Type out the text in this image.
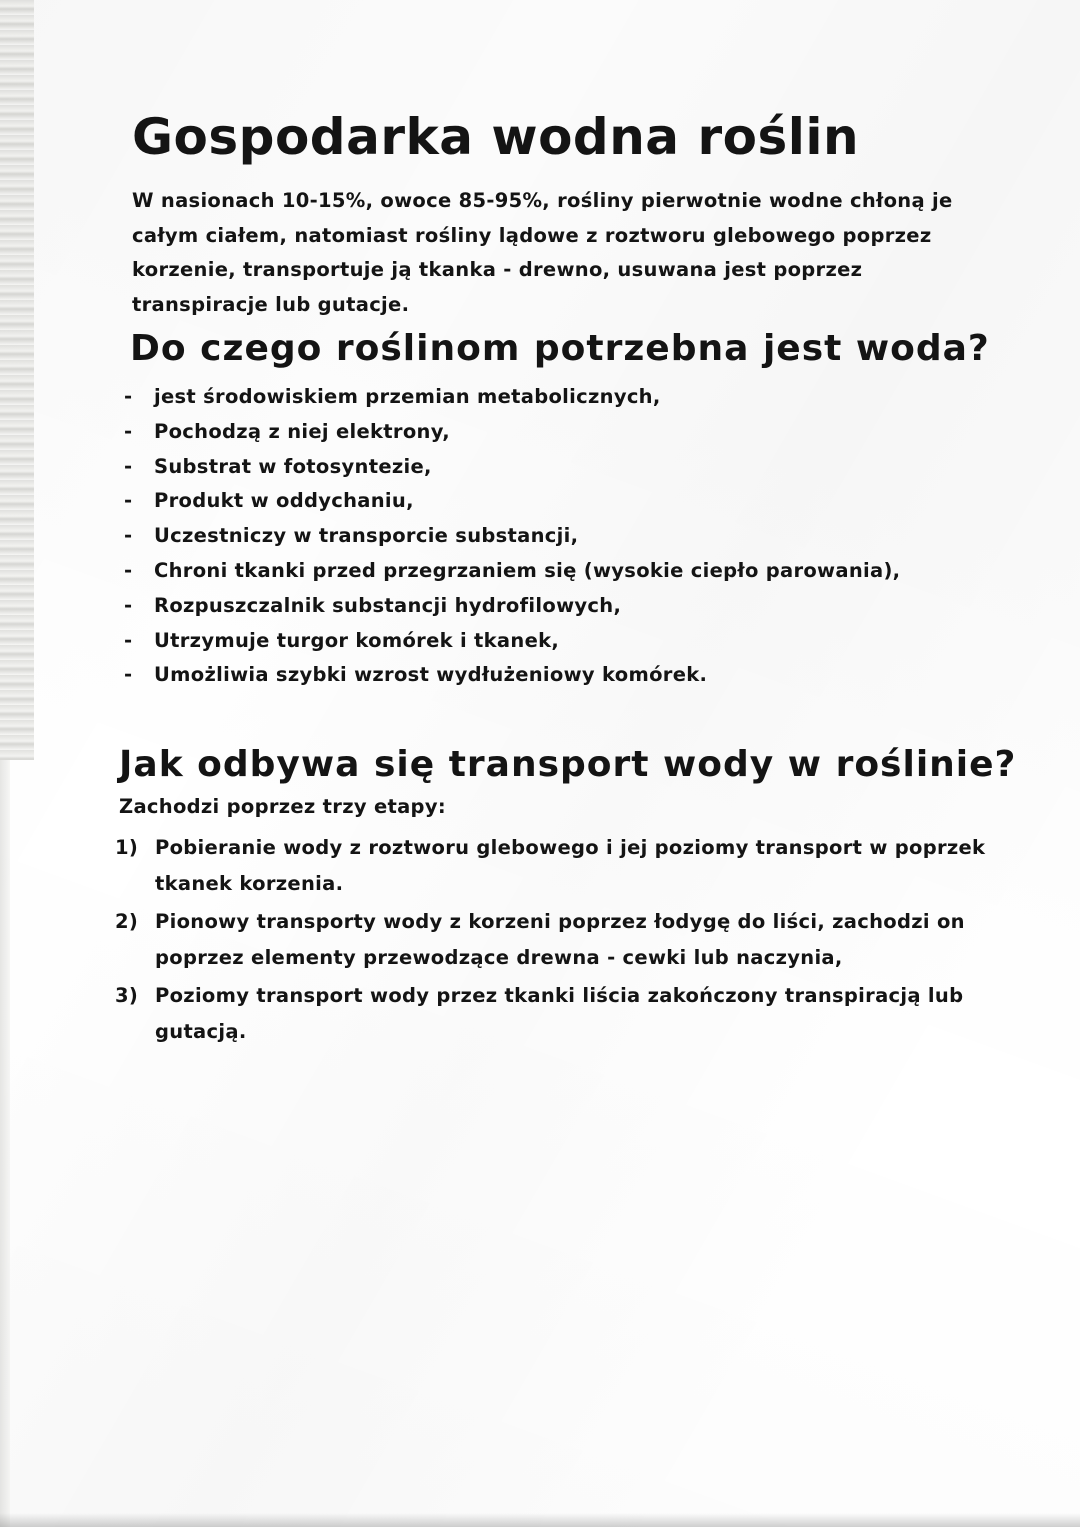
Gospodarka wodna roślin

W nasionach 10-15%, owoce 85-95%, rośliny pierwotnie wodne chłoną je całym ciałem, natomiast rośliny lądowe z roztworu glebowego poprzez korzenie, transportuje ją tkanka - drewno, usuwana jest poprzez transpiracje lub gutacje.

Do czego roślinom potrzebna jest woda?
- jest środowiskiem przemian metabolicznych,
- Pochodzą z niej elektrony,
- Substrat w fotosyntezie,
- Produkt w oddychaniu,
- Uczestniczy w transporcie substancji,
- Chroni tkanki przed przegrzaniem się (wysokie ciepło parowania),
- Rozpuszczalnik substancji hydrofilowych,
- Utrzymuje turgor komórek i tkanek,
- Umożliwia szybki wzrost wydłużeniowy komórek.
Jak odbywa się transport wody w roślinie?

Zachodzi poprzez trzy etapy:

1) Pobieranie wody z roztworu glebowego i jej poziomy transport w poprzek tkanek korzenia.
2) Pionowy transporty wody z korzeni poprzez łodygę do liści, zachodzi on poprzez elementy przewodzące drewna - cewki lub naczynia,
3) Poziomy transport wody przez tkanki liścia zakończony transpiracją lub gutacją.
